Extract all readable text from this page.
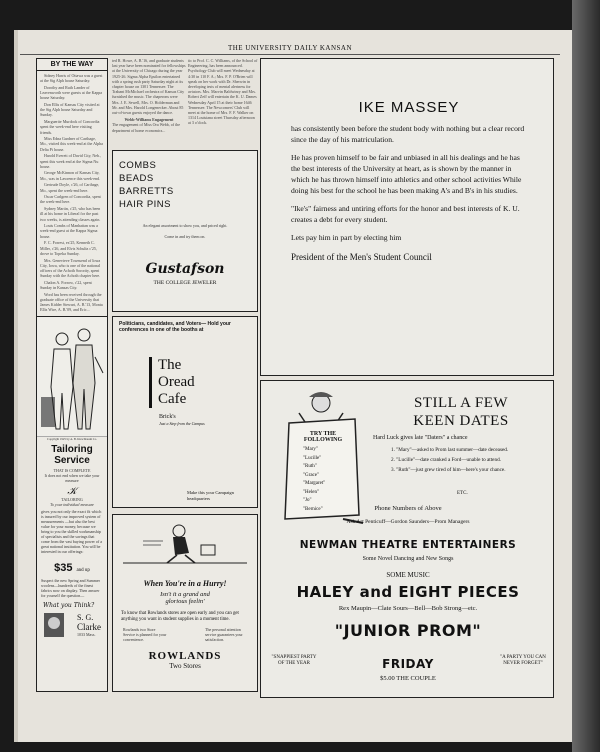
THE UNIVERSITY DAILY KANSAN
BY THE WAY
Sidney Harris of Ottawa was a guest at the Sig Alph house Saturday.
Dorothy and Ruth Lander of Leavenworth were guests at the Kappa house Saturday.
Don Ellis of Kansas City visited at the Sig Alph house Saturday and Sunday.
Marguerite Murdock of Concordia spent the week-end here visiting friends.
Miss Edna Gardner of Carthage, Mo., visited this week-end at the Alpha Delta Pi house.
Harold Everett of David City, Neb., spent this week end at the Sigma Nu house.
George McKinnon of Kansas City, Mo., was in Lawrence this week-end.
Gertrude Doyle, c'26, of Carthage, Mo., spent the week-end here.
Oscar Carlgren of Concordia, spent the week-end here.
Sydney Martin, c'25, who has been ill at his home in Liberal for the past two weeks, is attending classes again.
Louis Combs of Manhattan was a week-end guest at the Kappa Sigma house.
F. C. Forrest, ex'25, Kenneth C. Miller, c'26, and Elvis Schultz c'25, drove to Topeka Sunday.
Mrs. Genevieve Townsend of Iowa City, Iowa, who is one of the national officers of the Achoth Sorority, spent Sunday with the Achoth chapter here.
Chalon A. Forrow, c'22, spent Sunday in Kansas City.
Word has been received through the graduate office of the University that James Kidder Stewart, A. B.'13, Monta Ellis Wire, A. B.'09, and Eric...
ted R. Howe, A. B.'16, and graduate students last year have been nominated for fellowships at the University of Chicago during the year 1925-26. Sigma Alpha Epsilon entertained with a spring rush party Saturday night at its chapter house on 1301 Tennessee. The Trabant McMichael orchestra of Kansas City furnished the music. The chaperons were Mrs. J. E. Sewell, Mrs. O. Holderman and Mr. and Mrs. Harold Longenecker. About 85 out-of-town guests enjoyed the dance.
Webb-Williams Engagement
The engagement of Miss Ora Webb, of the department of home economics...
tic to Prof. C. C. Williams, of the School of Engineering, has been announced. Psychology Club will meet Wednesday at 4:30 in 110 F. A.; Mrs. F. P. O'Brien will speak on her work with Dr. Sherwin in developing tests of mental alertness for aviators. Mrs. Marvin Baldwinry and Mrs. Robert Zeff will entertain the K. U. Dames Wednesday April 15 at their home 1646 Tennessee. The Newcomers' Club will meet at the home of Mrs. F. F. Walker on 1314 Louisiana street Thursday afternoon at 3 o'clock.
COMBS
BEADS
BARRETTS
HAIR PINS
An elegant assortment to show you, and priced right.
Come in and try them on.
Gustafson
THE COLLEGE JEWELER
Copyright 1925 by A. B. Kirschbaum Co.
Tailoring
Service
THAT IS COMPLETE
It does not end when we take your measure
𝒦
TAILORING
To your individual measure
gives you not only the exact fit which is insured by our improved system of measurements —but also the best value for your money, because we bring to you the skilled workmanship of specialists and the savings that come from the vast buying power of a great national institution. You will be interested in our offerings:
$35 and up
Suspect the new Spring and Summer woolens—hundreds of the finest fabrics now on display. Then answer for yourself the question—
What you Think?
S. G.
Clarke
1033 Mass.
Politicians, candidates, and Voters— Hold your conferences in one of the booths at
The
Oread
Cafe
Brick's
Just a Step from the Campus
Make this your Campaign headquarters
When You're in a Hurry!
Isn't it a grand and
glorious feelin'
To know that Rowlands stores are open early and you can get anything you want in student supplies in a moment time.
Rowlands two Store Service is planned for your convenience.
The personal attention service guarantees your satisfaction.
ROWLANDS
Two Stores
IKE MASSEY
has consistently been before the student body with nothing but a clear record since the day of his matriculation.
He has proven himself to be fair and unbiased in all his dealings and he has the best interests of the University at heart, as is shown by the manner in which he has thrown himself into athletics and other school activities While doing his best for the school he has been making A's and B's in his studies.
"Ike's" fairness and untiring efforts for the honor and best interests of K. U. creates a debt for every student.
Lets pay him in part by electing him
President of the Men's Student Council
TRY THE FOLLOWING
"Mary"
"Lucille"
"Ruth"
"Grace"
"Margaret"
"Helen"
"Jo"
"Bernice"
STILL A FEW
KEEN DATES
Hard Luck gives late "Daters" a chance
1. "Mary"—asked to Prom last summer—date deceased.
2. "Lucille"—date cranked a Ford—unable to attend.
3. "Ruth"—just grew tired of him—here's your chance.
ETC.
Phone Numbers of Above
Ask Art Penticuff—Gordon Saunders—Prom Managers
NEWMAN THEATRE ENTERTAINERS
Some Novel Dancing and New Songs
SOME MUSIC
HALEY and EIGHT PIECES
Rex Maupin—Clate Sours—Bell—Bob Strong—etc.
"JUNIOR PROM"
"SNAPPIEST PARTY OF THE YEAR	FRIDAY
$5.00 THE COUPLE
"A PARTY YOU CAN NEVER FORGET"
